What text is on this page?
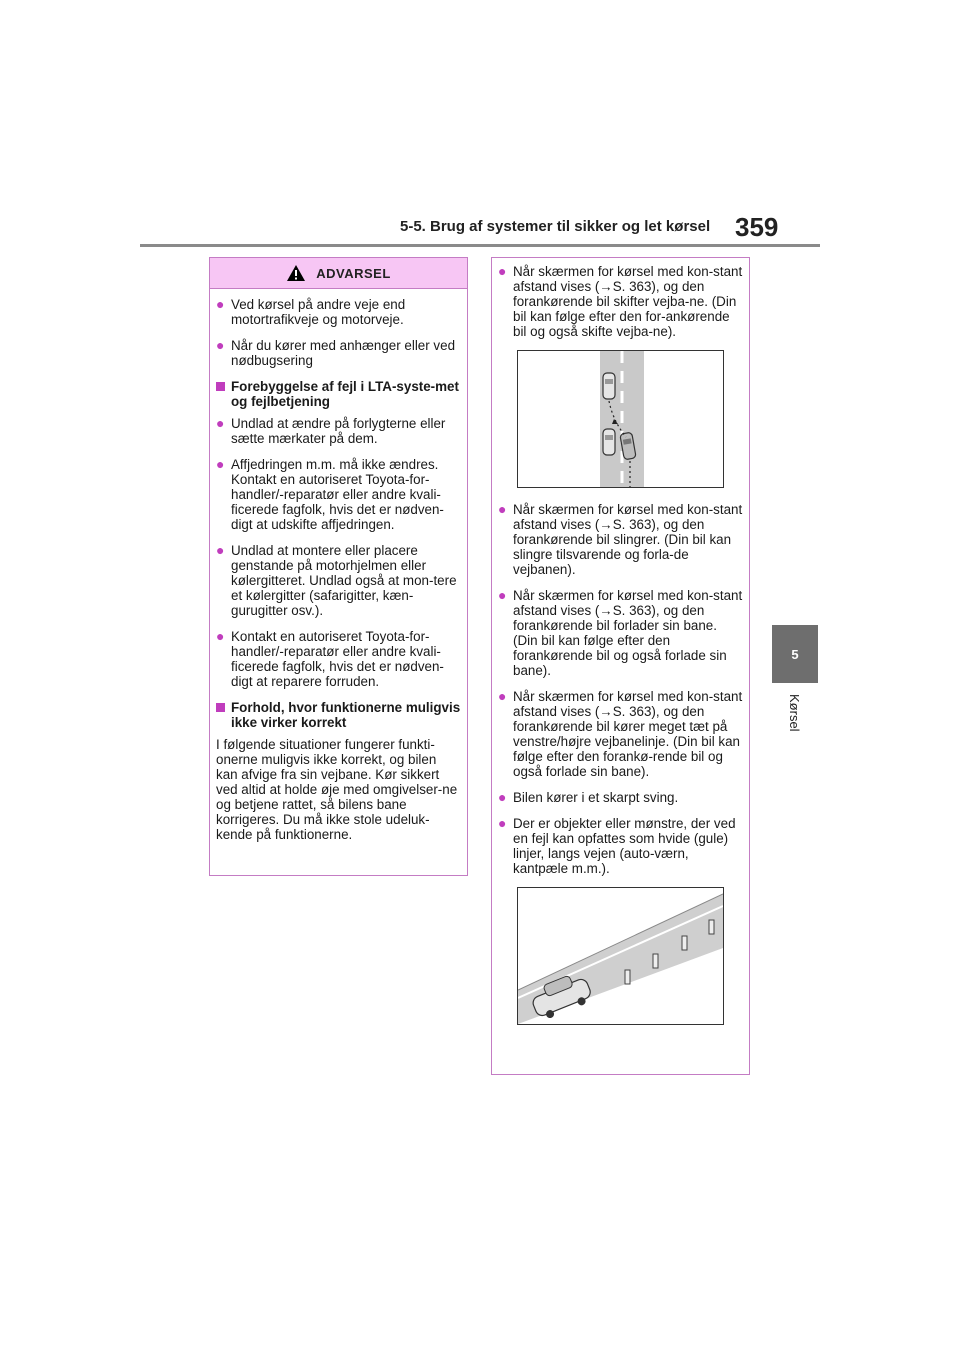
5-5. Brug af systemer til sikker og let kørsel 359
5
Kørsel
ADVARSEL
● Ved kørsel på andre veje end motortrafikveje og motorveje.
● Når du kører med anhænger eller ved nødbugsering
Forebyggelse af fejl i LTA-syste-met og fejlbetjening
● Undlad at ændre på forlygterne eller sætte mærkater på dem.
● Affjedringen m.m. må ikke ændres. Kontakt en autoriseret Toyota-for-handler/-reparatør eller andre kvali-ficerede fagfolk, hvis det er nødven-digt at udskifte affjedringen.
● Undlad at montere eller placere genstande på motorhjelmen eller kølergitteret. Undlad også at mon-tere et kølergitter (safarigitter, kæn-gurugitter osv.).
● Kontakt en autoriseret Toyota-for-handler/-reparatør eller andre kvali-ficerede fagfolk, hvis det er nødven-digt at reparere forruden.
Forhold, hvor funktionerne muligvis ikke virker korrekt
I følgende situationer fungerer funkti-onerne muligvis ikke korrekt, og bilen kan afvige fra sin vejbane. Kør sikkert ved altid at holde øje med omgivelser-ne og betjene rattet, så bilens bane korrigeres. Du må ikke stole udeluk-kende på funktionerne.
● Når skærmen for kørsel med kon-stant afstand vises (→S. 363), og den forankørende bil skifter vejba-ne. (Din bil kan følge efter den for-ankørende bil og også skifte vejba-ne).
● Når skærmen for kørsel med kon-stant afstand vises (→S. 363), og den forankørende bil slingrer. (Din bil kan slingre tilsvarende og forla-de vejbanen).
● Når skærmen for kørsel med kon-stant afstand vises (→S. 363), og den forankørende bil forlader sin bane. (Din bil kan følge efter den forankørende bil og også forlade sin bane).
● Når skærmen for kørsel med kon-stant afstand vises (→S. 363), og den forankørende bil kører meget tæt på venstre/højre vejbanelinje. (Din bil kan følge efter den forankø-rende bil og også forlade sin bane).
● Bilen kører i et skarpt sving.
● Der er objekter eller mønstre, der ved en fejl kan opfattes som hvide (gule) linjer, langs vejen (auto-værn, kantpæle m.m.).
